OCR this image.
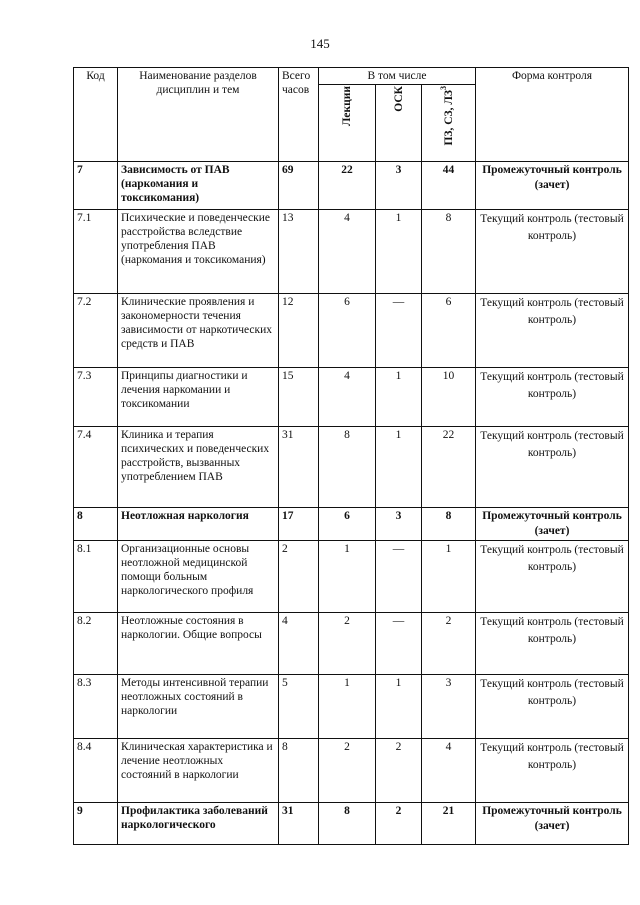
145
Код	Наименование разделов дисциплин и тем	Всего часов	В том числе			Форма контроля
			Лекции	ОСК	ПЗ, СЗ, $ЛЗ^3$
7	Зависимость от ПАВ (наркомания и токсикомания)	69	22	3	44	Промежуточный контроль (зачет)
7.1	Психические и поведенческие расстройства вследствие употребления ПАВ (наркомания и токсикомания)	13	4	1	8	Текущий контроль (тестовый контроль)
7.2	Клинические проявления и закономерности течения зависимости от наркотических средств и ПАВ	12	6	—	6	Текущий контроль (тестовый контроль)
7.3	Принципы диагностики и лечения наркомании и токсикомании	15	4	1	10	Текущий контроль (тестовый контроль)
7.4	Клиника и терапия психических и поведенческих расстройств, вызванных употреблением ПАВ	31	8	1	22	Текущий контроль (тестовый контроль)
8	Неотложная наркология	17	6	3	8	Промежуточный контроль (зачет)
8.1	Организационные основы неотложной медицинской помощи больным наркологического профиля	2	1	—	1	Текущий контроль (тестовый контроль)
8.2	Неотложные состояния в наркологии. Общие вопросы	4	2	—	2	Текущий контроль (тестовый контроль)
8.3	Методы интенсивной терапии неотложных состояний в наркологии	5	1	1	3	Текущий контроль (тестовый контроль)
8.4	Клиническая характеристика и лечение неотложных состояний в наркологии	8	2	2	4	Текущий контроль (тестовый контроль)
9	Профилактика заболеваний наркологического	31	8	2	21	Промежуточный контроль (зачет)
